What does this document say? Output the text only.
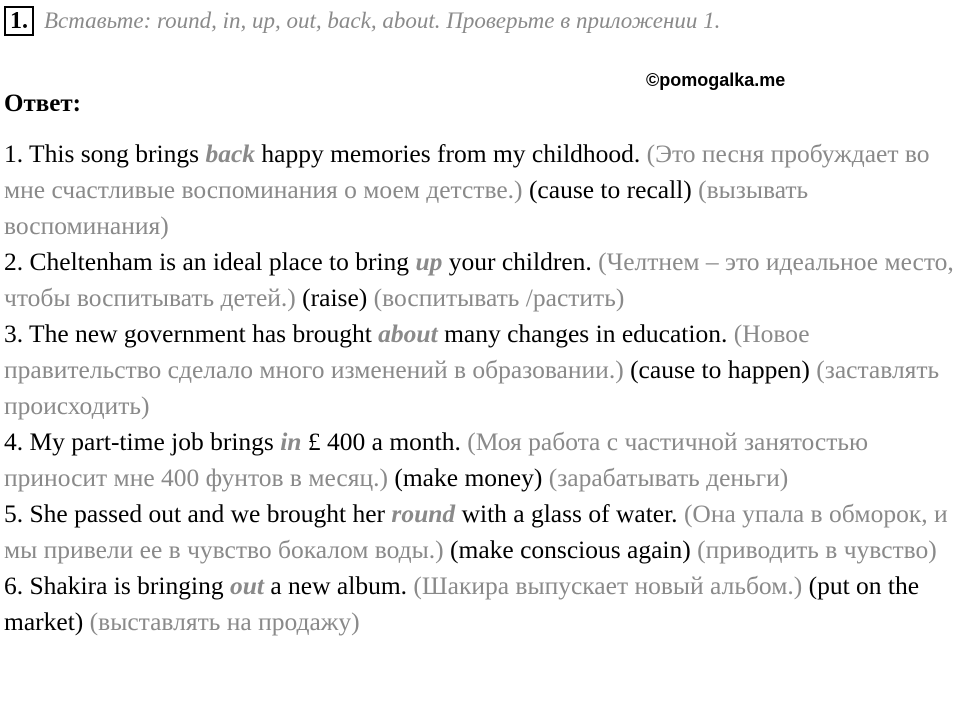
1. Вставьте: round, in, up, out, back, about. Проверьте в приложении 1.
©pomogalka.me
Ответ:

1. This song brings back happy memories from my childhood. (Это песня пробуждает во мне счастливые воспоминания о моем детстве.) (cause to recall) (вызывать воспоминания)

2. Cheltenham is an ideal place to bring up your children. (Челтнем – это идеальное место, чтобы воспитывать детей.) (raise) (воспитывать /растить)

3. The new government has brought about many changes in education. (Новое правительство сделало много изменений в образовании.) (cause to happen) (заставлять происходить)

4. My part-time job brings in £ 400 a month. (Моя работа с частичной занятостью приносит мне 400 фунтов в месяц.) (make money) (зарабатывать деньги)

5. She passed out and we brought her round with a glass of water. (Она упала в обморок, и мы привели ее в чувство бокалом воды.) (make conscious again) (приводить в чувство)

6. Shakira is bringing out a new album. (Шакира выпускает новый альбом.) (put on the market) (выставлять на продажу)
